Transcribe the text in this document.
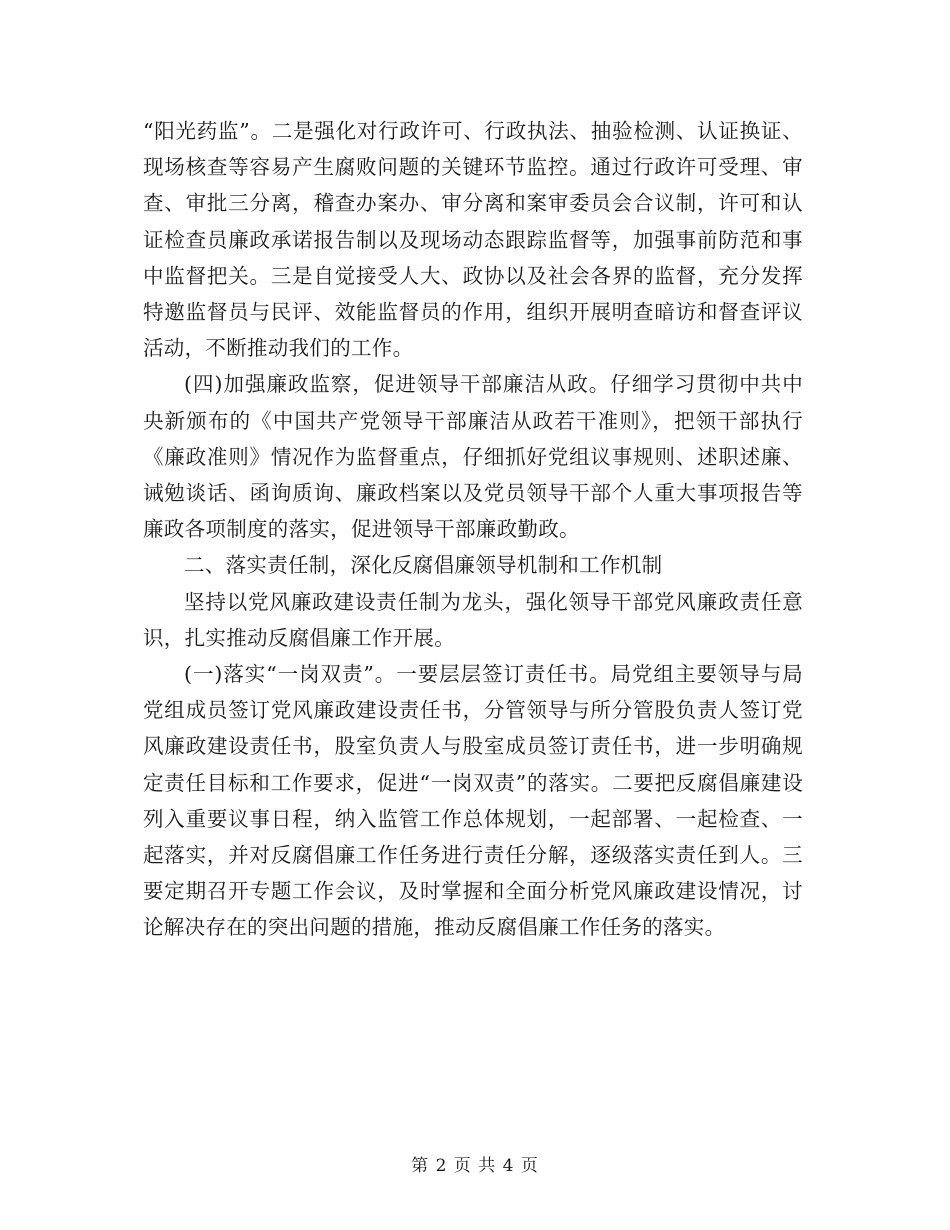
“阳光药监”。二是强化对行政许可、行政执法、抽验检测、认证换证、现场核查等容易产生腐败问题的关键环节监控。通过行政许可受理、审查、审批三分离，稽查办案办、审分离和案审委员会合议制，许可和认证检查员廉政承诺报告制以及现场动态跟踪监督等，加强事前防范和事中监督把关。三是自觉接受人大、政协以及社会各界的监督，充分发挥特邀监督员与民评、效能监督员的作用，组织开展明查暗访和督查评议活动，不断推动我们的工作。

(四)加强廉政监察，促进领导干部廉洁从政。仔细学习贯彻中共中央新颁布的《中国共产党领导干部廉洁从政若干准则》，把领干部执行《廉政准则》情况作为监督重点，仔细抓好党组议事规则、述职述廉、诫勉谈话、函询质询、廉政档案以及党员领导干部个人重大事项报告等廉政各项制度的落实，促进领导干部廉政勤政。

二、落实责任制，深化反腐倡廉领导机制和工作机制

坚持以党风廉政建设责任制为龙头，强化领导干部党风廉政责任意识，扎实推动反腐倡廉工作开展。

(一)落实“一岗双责”。一要层层签订责任书。局党组主要领导与局党组成员签订党风廉政建设责任书，分管领导与所分管股负责人签订党风廉政建设责任书，股室负责人与股室成员签订责任书，进一步明确规定责任目标和工作要求，促进“一岗双责”的落实。二要把反腐倡廉建设列入重要议事日程，纳入监管工作总体规划，一起部署、一起检查、一起落实，并对反腐倡廉工作任务进行责任分解，逐级落实责任到人。三要定期召开专题工作会议，及时掌握和全面分析党风廉政建设情况，讨论解决存在的突出问题的措施，推动反腐倡廉工作任务的落实。

第 2 页 共 4 页
